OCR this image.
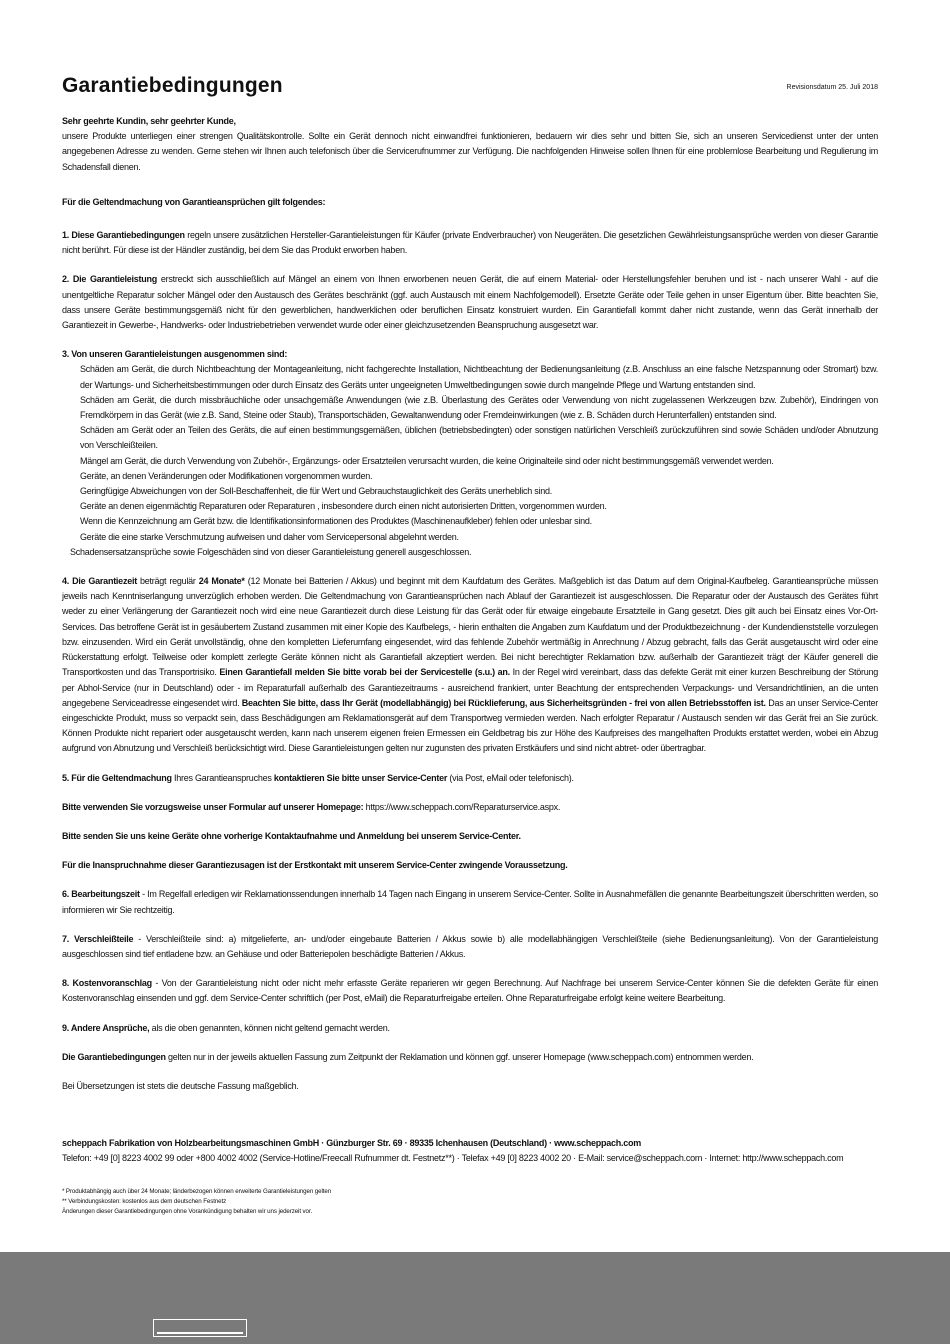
Garantiebedingungen	Revisionsdatum 25. Juli 2018

Sehr geehrte Kundin, sehr geehrter Kunde,

unsere Produkte unterliegen einer strengen Qualitätskontrolle. Sollte ein Gerät dennoch nicht einwandfrei funktionieren, bedauern wir dies sehr und bitten Sie, sich an unseren Servicedienst unter der unten angegebenen Adresse zu wenden. Gerne stehen wir Ihnen auch telefonisch über die Servicerufnummer zur Verfügung. Die nachfolgenden Hinweise sollen Ihnen für eine problemlose Bearbeitung und Regulierung im Schadensfall dienen.

Für die Geltendmachung von Garantieansprüchen gilt folgendes:

1. Diese Garantiebedingungen regeln unsere zusätzlichen Hersteller-Garantieleistungen für Käufer (private Endverbraucher) von Neugeräten. Die gesetzlichen Gewährleistungsansprüche werden von dieser Garantie nicht berührt. Für diese ist der Händler zuständig, bei dem Sie das Produkt erworben haben.

2. Die Garantieleistung erstreckt sich ausschließlich auf Mängel an einem von Ihnen erworbenen neuen Gerät, die auf einem Material- oder Herstellungsfehler beruhen und ist - nach unserer Wahl - auf die unentgeltliche Reparatur solcher Mängel oder den Austausch des Gerätes beschränkt (ggf. auch Austausch mit einem Nachfolgemodell). Ersetzte Geräte oder Teile gehen in unser Eigentum über. Bitte beachten Sie, dass unsere Geräte bestimmungsgemäß nicht für den gewerblichen, handwerklichen oder beruflichen Einsatz konstruiert wurden. Ein Garantiefall kommt daher nicht zustande, wenn das Gerät innerhalb der Garantiezeit in Gewerbe-, Handwerks- oder Industriebetrieben verwendet wurde oder einer gleichzusetzenden Beanspruchung ausgesetzt war.

3. Von unseren Garantieleistungen ausgenommen sind:

Schäden am Gerät, die durch Nichtbeachtung der Montageanleitung, nicht fachgerechte Installation, Nichtbeachtung der Bedienungsanleitung (z.B. Anschluss an eine falsche Netzspannung oder Stromart) bzw. der Wartungs- und Sicherheitsbestimmungen oder durch Einsatz des Geräts unter ungeeigneten Umweltbedingungen sowie durch mangelnde Pflege und Wartung entstanden sind.
Schäden am Gerät, die durch missbräuchliche oder unsachgemäße Anwendungen (wie z.B. Überlastung des Gerätes oder Verwendung von nicht zugelassenen Werkzeugen bzw. Zubehör), Eindringen von Fremdkörpern in das Gerät (wie z.B. Sand, Steine oder Staub), Transportschäden, Gewaltanwendung oder Fremdeinwirkungen (wie z. B. Schäden durch Herunterfallen) entstanden sind.
Schäden am Gerät oder an Teilen des Geräts, die auf einen bestimmungsgemäßen, üblichen (betriebsbedingten) oder sonstigen natürlichen Verschleiß zurückzuführen sind sowie Schäden und/oder Abnutzung von Verschleißteilen.
Mängel am Gerät, die durch Verwendung von Zubehör-, Ergänzungs- oder Ersatzteilen verursacht wurden, die keine Originalteile sind oder nicht bestimmungsgemäß verwendet werden.
Geräte, an denen Veränderungen oder Modifikationen vorgenommen wurden.
Geringfügige Abweichungen von der Soll-Beschaffenheit, die für Wert und Gebrauchstauglichkeit des Geräts unerheblich sind.
Geräte an denen eigenmächtig Reparaturen oder Reparaturen , insbesondere durch einen nicht autorisierten Dritten, vorgenommen wurden.
Wenn die Kennzeichnung am Gerät bzw. die Identifikationsinformationen des Produktes (Maschinenaufkleber) fehlen oder unlesbar sind.
Geräte die eine starke Verschmutzung aufweisen und daher vom Servicepersonal abgelehnt werden.

Schadensersatzansprüche sowie Folgeschäden sind von dieser Garantieleistung generell ausgeschlossen.

4. Die Garantiezeit beträgt regulär 24 Monate* (12 Monate bei Batterien / Akkus) und beginnt mit dem Kaufdatum des Gerätes. Maßgeblich ist das Datum auf dem Original-Kaufbeleg. Garantieansprüche müssen jeweils nach Kenntniserlangung unverzüglich erhoben werden. Die Geltendmachung von Garantieansprüchen nach Ablauf der Garantiezeit ist ausgeschlossen. Die Reparatur oder der Austausch des Gerätes führt weder zu einer Verlängerung der Garantiezeit noch wird eine neue Garantiezeit durch diese Leistung für das Gerät oder für etwaige eingebaute Ersatzteile in Gang gesetzt. Dies gilt auch bei Einsatz eines Vor-Ort-Services. Das betroffene Gerät ist in gesäubertem Zustand zusammen mit einer Kopie des Kaufbelegs, - hierin enthalten die Angaben zum Kaufdatum und der Produktbezeichnung - der Kundendienststelle vorzulegen bzw. einzusenden. Wird ein Gerät unvollständig, ohne den kompletten Lieferumfang eingesendet, wird das fehlende Zubehör wertmäßig in Anrechnung / Abzug gebracht, falls das Gerät ausgetauscht wird oder eine Rückerstattung erfolgt. Teilweise oder komplett zerlegte Geräte können nicht als Garantiefall akzeptiert werden. Bei nicht berechtigter Reklamation bzw. außerhalb der Garantiezeit trägt der Käufer generell die Transportkosten und das Transportrisiko. Einen Garantiefall melden Sie bitte vorab bei der Servicestelle (s.u.) an. In der Regel wird vereinbart, dass das defekte Gerät mit einer kurzen Beschreibung der Störung per Abhol-Service (nur in Deutschland) oder - im Reparaturfall außerhalb des Garantiezeitraums - ausreichend frankiert, unter Beachtung der entsprechenden Verpackungs- und Versandrichtlinien, an die unten angegebene Serviceadresse eingesendet wird. Beachten Sie bitte, dass Ihr Gerät (modellabhängig) bei Rücklieferung, aus Sicherheitsgründen - frei von allen Betriebsstoffen ist. Das an unser Service-Center eingeschickte Produkt, muss so verpackt sein, dass Beschädigungen am Reklamationsgerät auf dem Transportweg vermieden werden. Nach erfolgter Reparatur / Austausch senden wir das Gerät frei an Sie zurück. Können Produkte nicht repariert oder ausgetauscht werden, kann nach unserem eigenen freien Ermessen ein Geldbetrag bis zur Höhe des Kaufpreises des mangelhaften Produkts erstattet werden, wobei ein Abzug aufgrund von Abnutzung und Verschleiß berücksichtigt wird. Diese Garantieleistungen gelten nur zugunsten des privaten Erstkäufers und sind nicht abtret- oder übertragbar.

5. Für die Geltendmachung Ihres Garantieanspruches kontaktieren Sie bitte unser Service-Center (via Post, eMail oder telefonisch).

Bitte verwenden Sie vorzugsweise unser Formular auf unserer Homepage: https://www.scheppach.com/Reparaturservice.aspx.

Bitte senden Sie uns keine Geräte ohne vorherige Kontaktaufnahme und Anmeldung bei unserem Service-Center.

Für die Inanspruchnahme dieser Garantiezusagen ist der Erstkontakt mit unserem Service-Center zwingende Voraussetzung.

6. Bearbeitungszeit - Im Regelfall erledigen wir Reklamationssendungen innerhalb 14 Tagen nach Eingang in unserem Service-Center. Sollte in Ausnahmefällen die genannte Bearbeitungszeit überschritten werden, so informieren wir Sie rechtzeitig.

7. Verschleißteile - Verschleißteile sind: a) mitgelieferte, an- und/oder eingebaute Batterien / Akkus sowie b) alle modellabhängigen Verschleißteile (siehe Bedienungsanleitung). Von der Garantieleistung ausgeschlossen sind tief entladene bzw. an Gehäuse und oder Batteriepolen beschädigte Batterien / Akkus.

8. Kostenvoranschlag - Von der Garantieleistung nicht oder nicht mehr erfasste Geräte reparieren wir gegen Berechnung. Auf Nachfrage bei unserem Service-Center können Sie die defekten Geräte für einen Kostenvoranschlag einsenden und ggf. dem Service-Center schriftlich (per Post, eMail) die Reparaturfreigabe erteilen. Ohne Reparaturfreigabe erfolgt keine weitere Bearbeitung.

9. Andere Ansprüche, als die oben genannten, können nicht geltend gemacht werden.

Die Garantiebedingungen gelten nur in der jeweils aktuellen Fassung zum Zeitpunkt der Reklamation und können ggf. unserer Homepage (www.scheppach.com) entnommen werden.

Bei Übersetzungen ist stets die deutsche Fassung maßgeblich.

scheppach Fabrikation von Holzbearbeitungsmaschinen GmbH · Günzburger Str. 69 · 89335 Ichenhausen (Deutschland) · www.scheppach.com

Telefon: +49 [0] 8223 4002 99 oder +800 4002 4002 (Service-Hotline/Freecall Rufnummer dt. Festnetz**) · Telefax +49 [0] 8223 4002 20 · E-Mail: service@scheppach.com · Internet: http://www.scheppach.com

* Produktabhängig auch über 24 Monate; länderbezogen können erweiterte Garantieleistungen gelten

** Verbindungskosten: kostenlos aus dem deutschen Festnetz

Änderungen dieser Garantiebedingungen ohne Vorankündigung behalten wir uns jederzeit vor.
